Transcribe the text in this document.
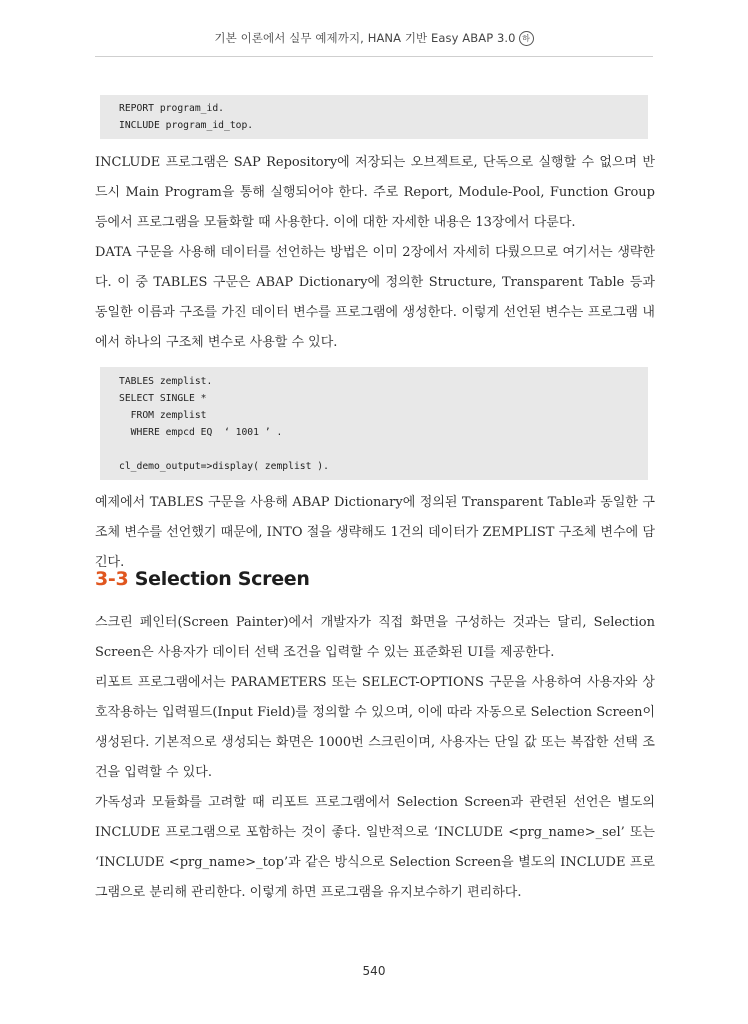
기본 이론에서 실무 예제까지, HANA 기반 Easy ABAP 3.0 하
REPORT program_id.
INCLUDE program_id_top.

INCLUDE 프로그램은 SAP Repository에 저장되는 오브젝트로, 단독으로 실행할 수 없으며 반드시 Main Program을 통해 실행되어야 한다. 주로 Report, Module-Pool, Function Group 등에서 프로그램을 모듈화할 때 사용한다. 이에 대한 자세한 내용은 13장에서 다룬다.

DATA 구문을 사용해 데이터를 선언하는 방법은 이미 2장에서 자세히 다뤘으므로 여기서는 생략한다. 이 중 TABLES 구문은 ABAP Dictionary에 정의한 Structure, Transparent Table 등과 동일한 이름과 구조를 가진 데이터 변수를 프로그램에 생성한다. 이렇게 선언된 변수는 프로그램 내에서 하나의 구조체 변수로 사용할 수 있다.

TABLES zemplist.
SELECT SINGLE *
FROM zemplist
WHERE empcd EQ  ‘ 1001 ’ .
cl_demo_output=>display( zemplist ).

예제에서 TABLES 구문을 사용해 ABAP Dictionary에 정의된 Transparent Table과 동일한 구조체 변수를 선언했기 때문에, INTO 절을 생략해도 1건의 데이터가 ZEMPLIST 구조체 변수에 담긴다.

3-3 Selection Screen

스크린 페인터(Screen Painter)에서 개발자가 직접 화면을 구성하는 것과는 달리, Selection Screen은 사용자가 데이터 선택 조건을 입력할 수 있는 표준화된 UI를 제공한다.

리포트 프로그램에서는 PARAMETERS 또는 SELECT-OPTIONS 구문을 사용하여 사용자와 상호작용하는 입력필드(Input Field)를 정의할 수 있으며, 이에 따라 자동으로 Selection Screen이 생성된다. 기본적으로 생성되는 화면은 1000번 스크린이며, 사용자는 단일 값 또는 복잡한 선택 조건을 입력할 수 있다.

가독성과 모듈화를 고려할 때 리포트 프로그램에서 Selection Screen과 관련된 선언은 별도의 INCLUDE 프로그램으로 포함하는 것이 좋다. 일반적으로 ‘INCLUDE <prg_name>_sel’ 또는 ‘INCLUDE <prg_name>_top’과 같은 방식으로 Selection Screen을 별도의 INCLUDE 프로그램으로 분리해 관리한다. 이렇게 하면 프로그램을 유지보수하기 편리하다.

540
